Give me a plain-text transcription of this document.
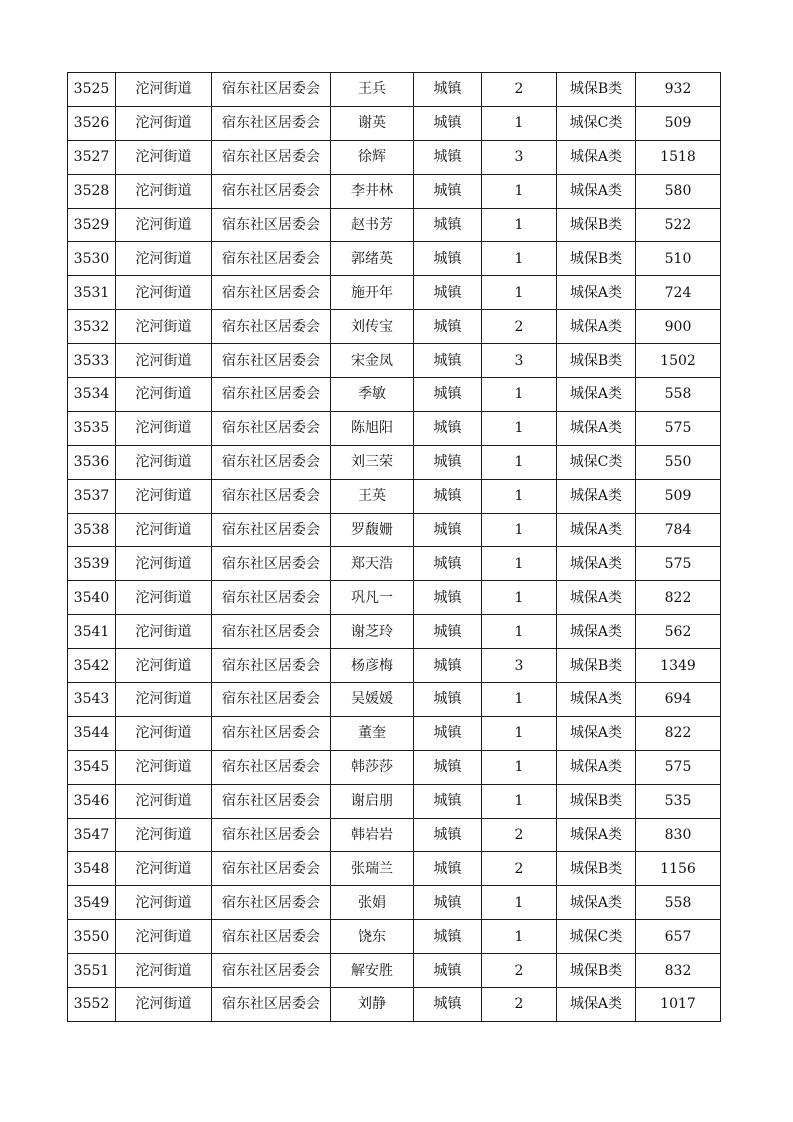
3525	沱河街道	宿东社区居委会	王兵	城镇	2	城保B类	932
3526	沱河街道	宿东社区居委会	谢英	城镇	1	城保C类	509
3527	沱河街道	宿东社区居委会	徐辉	城镇	3	城保A类	1518
3528	沱河街道	宿东社区居委会	李井林	城镇	1	城保A类	580
3529	沱河街道	宿东社区居委会	赵书芳	城镇	1	城保B类	522
3530	沱河街道	宿东社区居委会	郭绪英	城镇	1	城保B类	510
3531	沱河街道	宿东社区居委会	施开年	城镇	1	城保A类	724
3532	沱河街道	宿东社区居委会	刘传宝	城镇	2	城保A类	900
3533	沱河街道	宿东社区居委会	宋金凤	城镇	3	城保B类	1502
3534	沱河街道	宿东社区居委会	季敏	城镇	1	城保A类	558
3535	沱河街道	宿东社区居委会	陈旭阳	城镇	1	城保A类	575
3536	沱河街道	宿东社区居委会	刘三荣	城镇	1	城保C类	550
3537	沱河街道	宿东社区居委会	王英	城镇	1	城保A类	509
3538	沱河街道	宿东社区居委会	罗馥姗	城镇	1	城保A类	784
3539	沱河街道	宿东社区居委会	郑天浩	城镇	1	城保A类	575
3540	沱河街道	宿东社区居委会	巩凡一	城镇	1	城保A类	822
3541	沱河街道	宿东社区居委会	谢芝玲	城镇	1	城保A类	562
3542	沱河街道	宿东社区居委会	杨彦梅	城镇	3	城保B类	1349
3543	沱河街道	宿东社区居委会	吴媛媛	城镇	1	城保A类	694
3544	沱河街道	宿东社区居委会	董奎	城镇	1	城保A类	822
3545	沱河街道	宿东社区居委会	韩莎莎	城镇	1	城保A类	575
3546	沱河街道	宿东社区居委会	谢启朋	城镇	1	城保B类	535
3547	沱河街道	宿东社区居委会	韩岩岩	城镇	2	城保A类	830
3548	沱河街道	宿东社区居委会	张瑞兰	城镇	2	城保B类	1156
3549	沱河街道	宿东社区居委会	张娟	城镇	1	城保A类	558
3550	沱河街道	宿东社区居委会	饶东	城镇	1	城保C类	657
3551	沱河街道	宿东社区居委会	解安胜	城镇	2	城保B类	832
3552	沱河街道	宿东社区居委会	刘静	城镇	2	城保A类	1017
